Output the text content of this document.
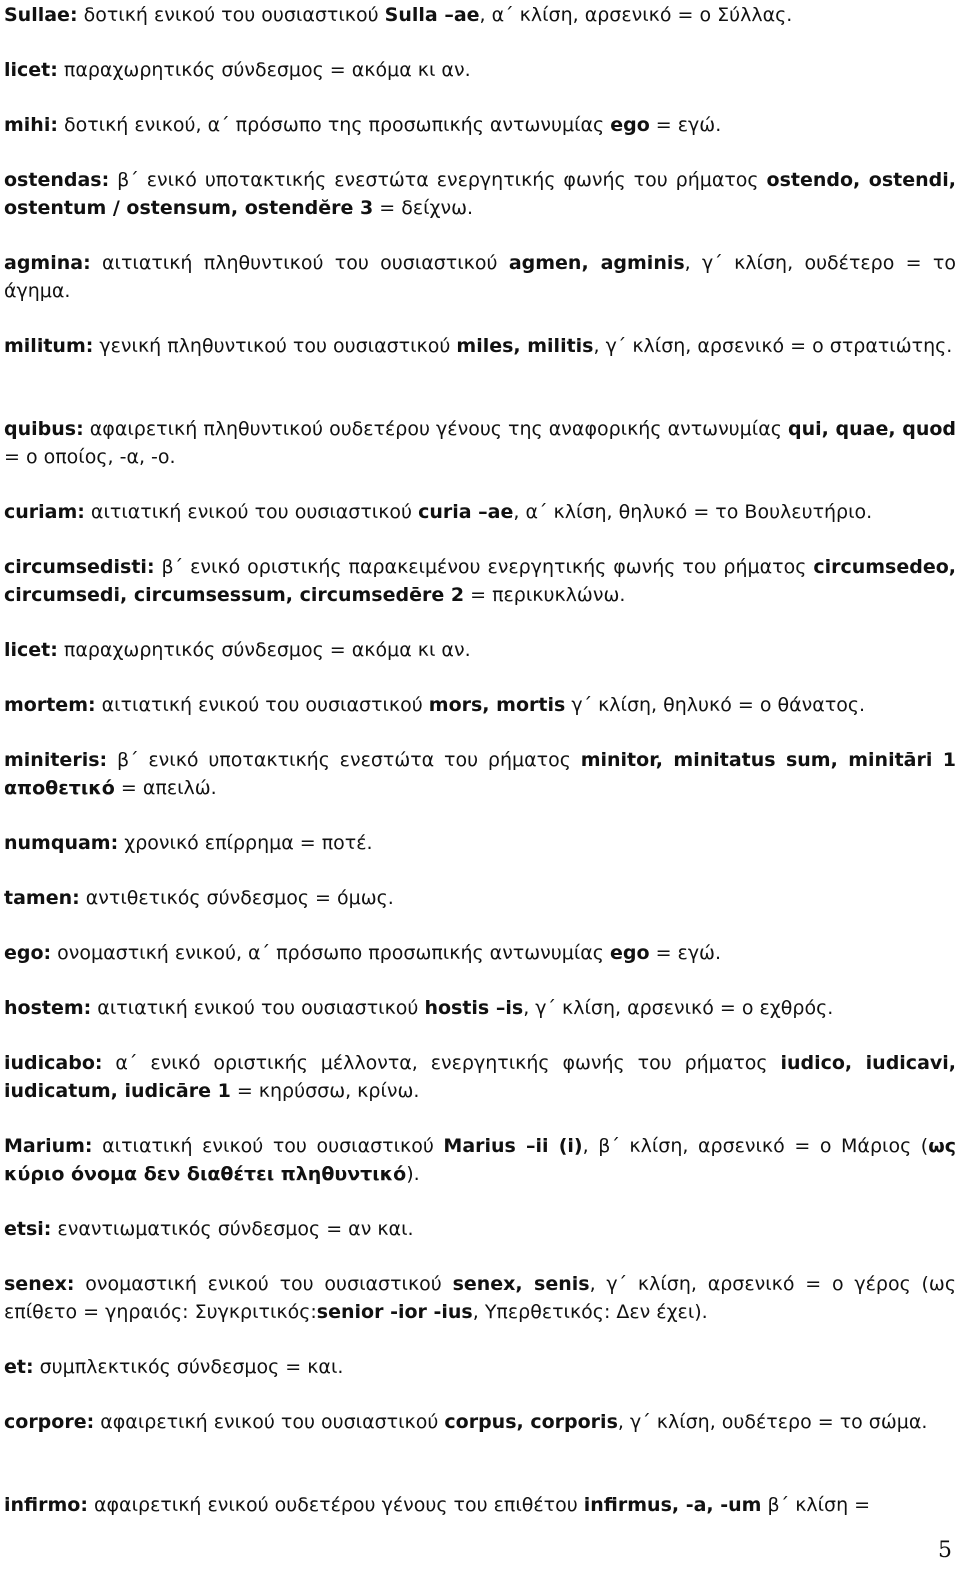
Sullae: δοτική ενικού του ουσιαστικού Sulla –ae, α΄ κλίση, αρσενικό = ο Σύλλας.

licet: παραχωρητικός σύνδεσμος = ακόμα κι αν.

mihi: δοτική ενικού, α΄ πρόσωπο της προσωπικής αντωνυμίας ego = εγώ.

ostendas: β΄ ενικό υποτακτικής ενεστώτα ενεργητικής φωνής του ρήματος ostendo, ostendi, ostentum / ostensum, ostendĕre 3 = δείχνω.

agmina: αιτιατική πληθυντικού του ουσιαστικού agmen, agminis, γ΄ κλίση, ουδέτερο = το άγημα.

militum: γενική πληθυντικού του ουσιαστικού miles, militis, γ΄ κλίση, αρσενικό = ο στρατιώτης.

quibus: αφαιρετική πληθυντικού ουδετέρου γένους της αναφορικής αντωνυμίας qui, quae, quod = ο οποίος, -α, -ο.

curiam: αιτιατική ενικού του ουσιαστικού curia –ae, α΄ κλίση, θηλυκό = το Βουλευτήριο.

circumsedisti: β΄ ενικό οριστικής παρακειμένου ενεργητικής φωνής του ρήματος circumsedeo, circumsedi, circumsessum, circumsedēre 2 = περικυκλώνω.

licet: παραχωρητικός σύνδεσμος = ακόμα κι αν.

mortem: αιτιατική ενικού του ουσιαστικού mors, mortis γ΄ κλίση, θηλυκό = ο θάνατος.

miniteris: β΄ ενικό υποτακτικής ενεστώτα του ρήματος minitor, minitatus sum, minitāri 1 αποθετικό = απειλώ.

numquam: χρονικό επίρρημα = ποτέ.

tamen: αντιθετικός σύνδεσμος = όμως.

ego: ονομαστική ενικού, α΄ πρόσωπο προσωπικής αντωνυμίας ego = εγώ.

hostem: αιτιατική ενικού του ουσιαστικού hostis –is, γ΄ κλίση, αρσενικό = ο εχθρός.

iudicabo: α΄ ενικό οριστικής μέλλοντα, ενεργητικής φωνής του ρήματος iudico, iudicavi, iudicatum, iudicāre 1 = κηρύσσω, κρίνω.

Marium: αιτιατική ενικού του ουσιαστικού Marius –ii (i), β΄ κλίση, αρσενικό = ο Μάριος (ως κύριο όνομα δεν διαθέτει πληθυντικό).

etsi: εναντιωματικός σύνδεσμος = αν και.

senex: ονομαστική ενικού του ουσιαστικού senex, senis, γ΄ κλίση, αρσενικό = ο γέρος (ως επίθετο = γηραιός: Συγκριτικός:senior -ior -ius, Υπερθετικός: Δεν έχει).

et: συμπλεκτικός σύνδεσμος = και.

corpore: αφαιρετική ενικού του ουσιαστικού corpus, corporis, γ΄ κλίση, ουδέτερο = το σώμα.

infirmo: αφαιρετική ενικού ουδετέρου γένους του επιθέτου infirmus, -a, -um β΄ κλίση =

5
